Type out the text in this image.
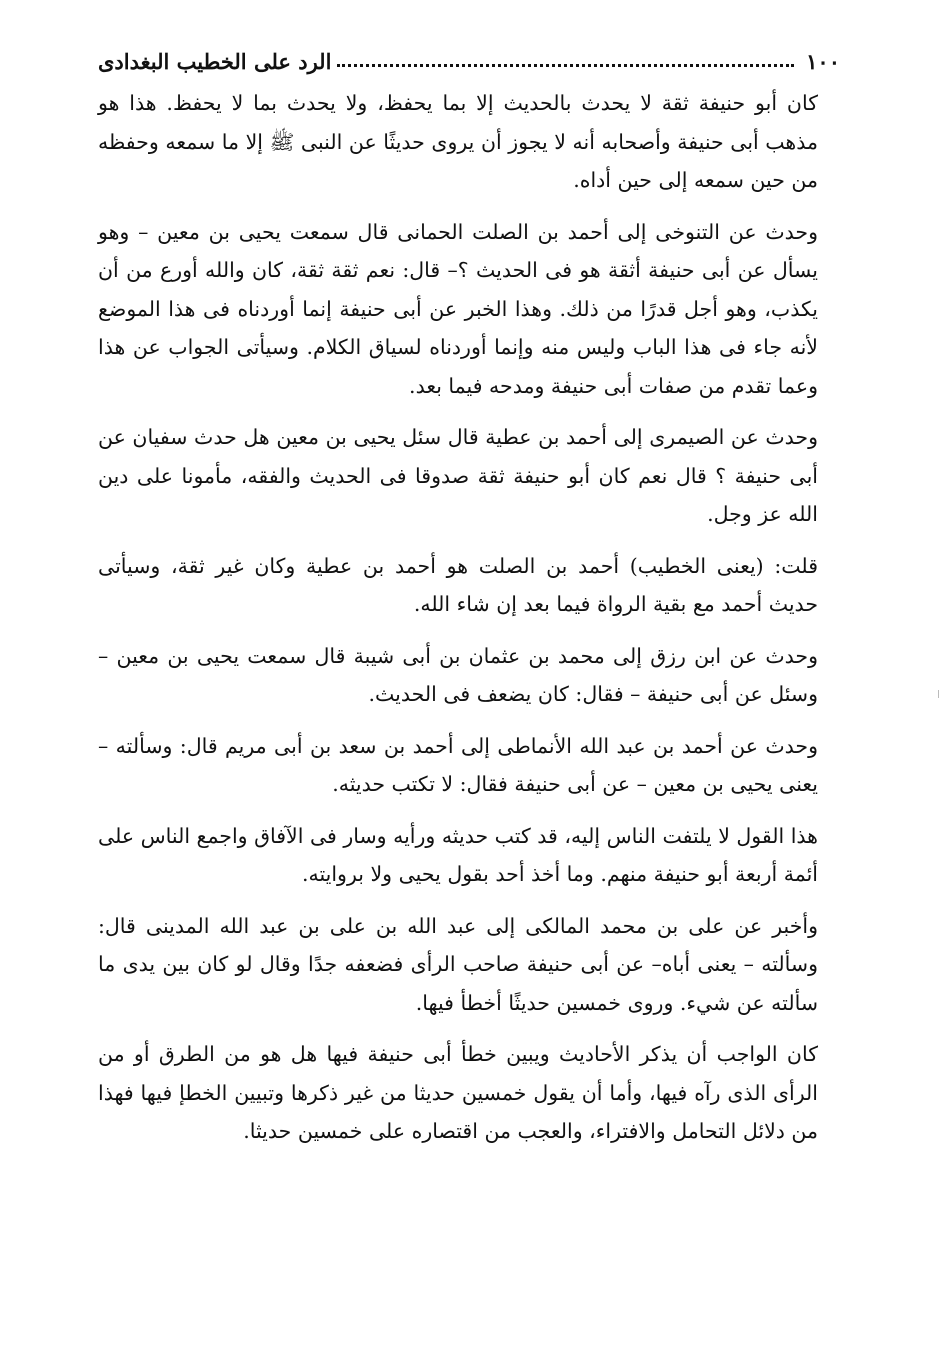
١٠٠
الرد على الخطيب البغدادى

كان أبو حنيفة ثقة لا يحدث بالحديث إلا بما يحفظ، ولا يحدث بما لا يحفظ. هذا هو مذهب أبى حنيفة وأصحابه أنه لا يجوز أن يروى حديثًا عن النبى ﷺ إلا ما سمعه وحفظه من حين سمعه إلى حين أداه.

وحدث عن التنوخى إلى أحمد بن الصلت الحمانى قال سمعت يحيى بن معين – وهو يسأل عن أبى حنيفة أثقة هو فى الحديث ؟– قال: نعم ثقة ثقة، كان والله أورع من أن يكذب، وهو أجل قدرًا من ذلك. وهذا الخبر عن أبى حنيفة إنما أوردناه فى هذا الموضع لأنه جاء فى هذا الباب وليس منه وإنما أوردناه لسياق الكلام. وسيأتى الجواب عن هذا وعما تقدم من صفات أبى حنيفة ومدحه فيما بعد.

وحدث عن الصيمرى إلى أحمد بن عطية قال سئل يحيى بن معين هل حدث سفيان عن أبى حنيفة ؟ قال نعم كان أبو حنيفة ثقة صدوقا فى الحديث والفقه، مأمونا على دين الله عز وجل.

قلت: (يعنى الخطيب) أحمد بن الصلت هو أحمد بن عطية وكان غير ثقة، وسيأتى حديث أحمد مع بقية الرواة فيما بعد إن شاء الله.

وحدث عن ابن رزق إلى محمد بن عثمان بن أبى شيبة قال سمعت يحيى بن معين – وسئل عن أبى حنيفة – فقال: كان يضعف فى الحديث.

وحدث عن أحمد بن عبد الله الأنماطى إلى أحمد بن سعد بن أبى مريم قال: وسألته – يعنى يحيى بن معين – عن أبى حنيفة فقال: لا تكتب حديثه.

هذا القول لا يلتفت الناس إليه، قد كتب حديثه ورأيه وسار فى الآفاق واجمع الناس على أئمة أربعة أبو حنيفة منهم. وما أخذ أحد بقول يحيى ولا بروايته.

وأخبر عن على بن محمد المالكى إلى عبد الله بن على بن عبد الله المدينى قال: وسألته – يعنى أباه– عن أبى حنيفة صاحب الرأى فضعفه جدًا وقال لو كان بين يدى ما سألته عن شيء. وروى خمسين حديثًا أخطأ فيها.

كان الواجب أن يذكر الأحاديث ويبين خطأ أبى حنيفة فيها هل هو من الطرق أو من الرأى الذى رآه فيها، وأما أن يقول خمسين حديثا من غير ذكرها وتبيين الخطإ فيها فهذا من دلائل التحامل والافتراء، والعجب من اقتصاره على خمسين حديثا.
